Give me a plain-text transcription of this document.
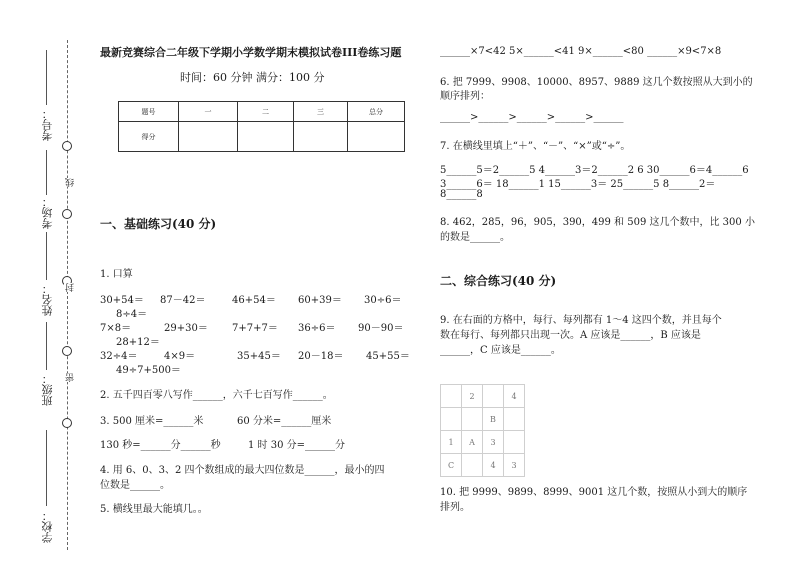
考号：
考场：
姓名：
班级：
学校：
线
封
密
最新竞赛综合二年级下学期小学数学期末模拟试卷III卷练习题
时间：60 分钟 满分：100 分
题号	一	二	三	总分
得分				
一、基础练习(40 分)
1. 口算
30+54＝ 87－42＝	46+54＝ 60+39＝ 30÷6＝
8÷4＝
7×8＝	29+30＝ 7+7+7＝ 36÷6＝ 90－90＝
28+12＝
32÷4＝	4×9＝	35+45＝ 20－18＝ 45+55＝
49÷7+500＝
2. 五千四百零八写作______，六千七百写作______。
3. 500 厘米=______米	60 分米=______厘米
130 秒=______分______秒	1 时 30 分=______分
4. 用 6、0、3、2 四个数组成的最大四位数是______，最小的四
位数是______。
5. 横线里最大能填几。。
______×7<42 5×______<41 9×______<80 ______×9<7×8
6. 把 7999、9908、10000、8957、9889 这几个数按照从大到小的
顺序排列：
______>______>______>______>______
7. 在横线里填上“＋”、“－”、“×”或“÷”。
5______5＝2______5 4______3＝2______2 6 30______6＝4______6
3______6＝ 18______1 15______3＝ 25______5 8______2＝
8______8
8. 462，285，96，905，390，499 和 509 这几个数中，比 300 小
的数是______。
二、综合练习(40 分)
9. 在右面的方格中，每行、每列都有 1～4 这四个数，并且每个
数在每行、每列都只出现一次。A 应该是______，B 应该是
______，C 应该是______。
	2		4
		B	
1	A	3	
C		4	3
10. 把 9999、9899、8999、9001 这几个数，按照从小到大的顺序
排列。
